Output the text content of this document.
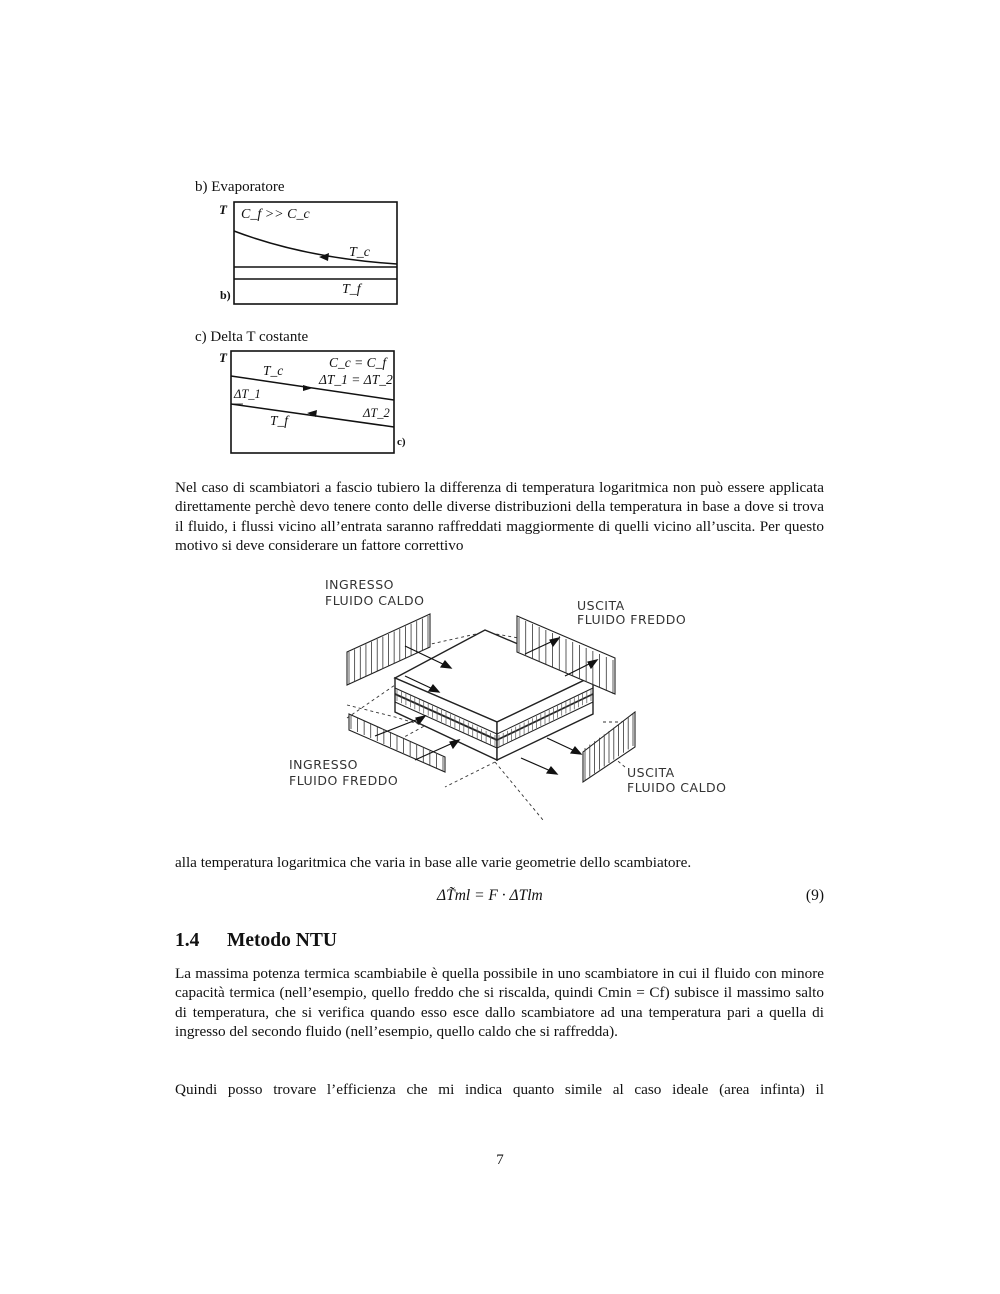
b) Evaporatore
T C_f >> C_c
T_c
T_f
b)
c) Delta T costante
T	C_c = C_f
ΔT_1 = ΔT_2
T_c
ΔT_1
ΔT_2
T_f
c)

Nel caso di scambiatori a fascio tubiero la differenza di temperatura logaritmica non può essere applicata direttamente perchè devo tenere conto delle diverse distribuzioni della temperatura in base a dove si trova il fluido, i flussi vicino all’entrata saranno raffreddati maggiormente di quelli vicino all’uscita. Per questo motivo si deve considerare un fattore correttivo

INGRESSO
FLUIDO CALDO	USCITA
FLUIDO FREDDO
INGRESSO
FLUIDO FREDDO
USCITA
FLUIDO CALDO

alla temperatura logaritmica che varia in base alle varie geometrie dello scambiatore.

ΔT̃ml = F · ΔTlm	(9)
1.4 Metodo NTU

La massima potenza termica scambiabile è quella possibile in uno scambiatore in cui il fluido con minore capacità termica (nell’esempio, quello freddo che si riscalda, quindi Cmin = Cf) subisce il massimo salto di temperatura, che si verifica quando esso esce dallo scambiatore ad una temperatura pari a quella di ingresso del secondo fluido (nell’esempio, quello caldo che si raffredda).

Quindi posso trovare l’efficienza che mi indica quanto simile al caso ideale (area infinta) il

7
